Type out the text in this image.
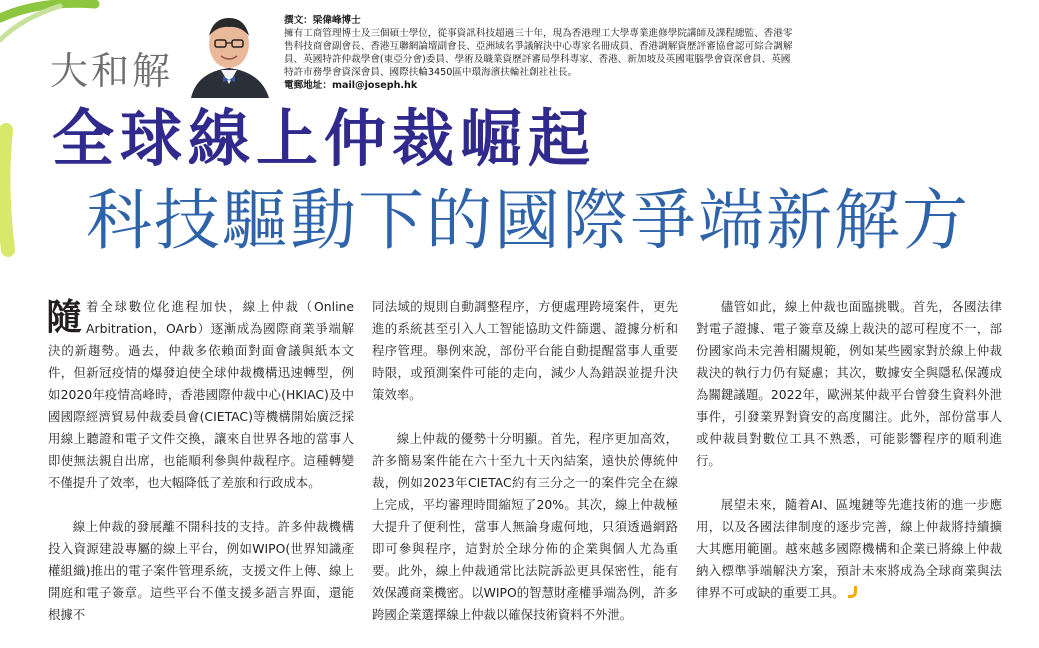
大和解
撰文：梁偉峰博士
擁有工商管理博士及三個碩士學位，從事資訊科技超過三十年，現為香港理工大學專業進修學院講師及課程總監、香港零
售科技商會副會長、香港互聯網論壇副會長、亞洲域名爭議解決中心專家名冊成員、香港調解資歷評審協會認可綜合調解
員、英國特許仲裁學會(東亞分會)委員、學術及職業資歷評審局學科專家、香港、新加坡及英國電腦學會資深會員、英國
特許市務學會資深會員、國際扶輪3450區中環海濱扶輪社創社社長。
電郵地址：mail@joseph.hk
全球線上仲裁崛起
科技驅動下的國際爭端新解方

隨着全球數位化進程加快，線上仲裁（Online Arbitration，OArb）逐漸成為國際商業爭端解決的新趨勢。過去，仲裁多依賴面對面會議與紙本文件，但新冠疫情的爆發迫使全球仲裁機構迅速轉型，例如2020年疫情高峰時，香港國際仲裁中心(HKIAC)及中國國際經濟貿易仲裁委員會(CIETAC)等機構開始廣泛採用線上聽證和電子文件交換，讓來自世界各地的當事人即使無法親自出席，也能順利參與仲裁程序。這種轉變不僅提升了效率，也大幅降低了差旅和行政成本。

線上仲裁的發展離不開科技的支持。許多仲裁機構投入資源建設專屬的線上平台，例如WIPO(世界知識產權組織)推出的電子案件管理系統，支援文件上傳、線上開庭和電子簽章。這些平台不僅支援多語言界面，還能根據不

同法域的規則自動調整程序，方便處理跨境案件，更先進的系統甚至引入人工智能協助文件篩選、證據分析和程序管理。舉例來說，部份平台能自動提醒當事人重要時限，或預測案件可能的走向，減少人為錯誤並提升決策效率。

線上仲裁的優勢十分明顯。首先，程序更加高效，許多簡易案件能在六十至九十天內結案，遠快於傳統仲裁，例如2023年CIETAC約有三分之一的案件完全在線上完成，平均審理時間縮短了20%。其次，線上仲裁極大提升了便利性，當事人無論身處何地，只須透過網路即可參與程序，這對於全球分佈的企業與個人尤為重要。此外，線上仲裁通常比法院訴訟更具保密性，能有效保護商業機密。以WIPO的智慧財產權爭端為例，許多跨國企業選擇線上仲裁以確保技術資料不外泄。

儘管如此，線上仲裁也面臨挑戰。首先，各國法律對電子證據、電子簽章及線上裁決的認可程度不一，部份國家尚未完善相關規範，例如某些國家對於線上仲裁裁決的執行力仍有疑慮；其次，數據安全與隱私保護成為關鍵議題。2022年，歐洲某仲裁平台曾發生資料外泄事件，引發業界對資安的高度關注。此外，部份當事人或仲裁員對數位工具不熟悉，可能影響程序的順利進行。

展望未來，隨着AI、區塊鏈等先進技術的進一步應用，以及各國法律制度的逐步完善，線上仲裁將持續擴大其應用範圍。越來越多國際機構和企業已將線上仲裁納入標準爭端解決方案，預計未來將成為全球商業與法律界不可或缺的重要工具。
